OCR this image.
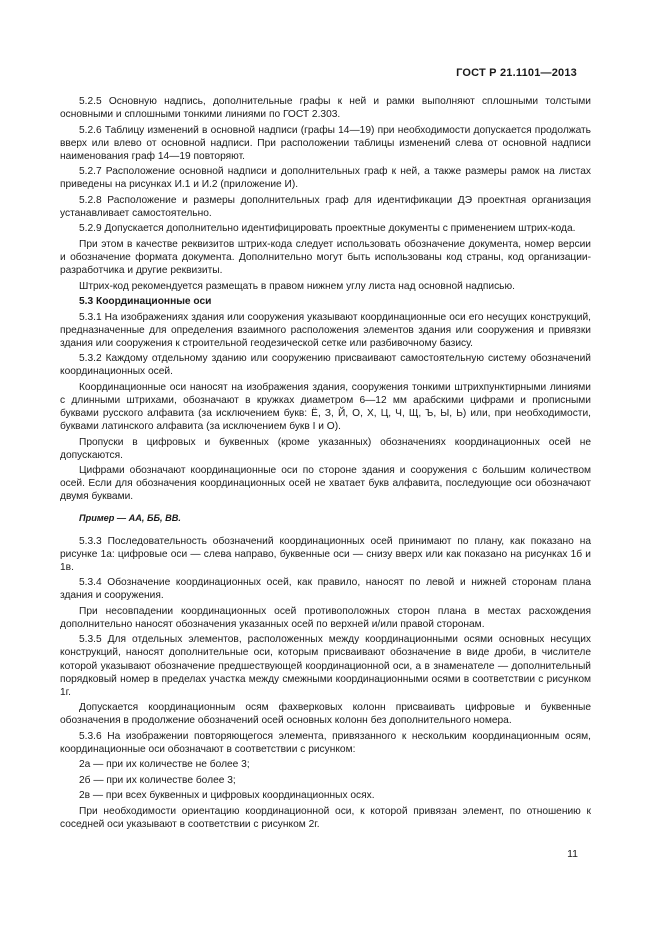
ГОСТ Р 21.1101—2013

5.2.5 Основную надпись, дополнительные графы к ней и рамки выполняют сплошными толстыми основными и сплошными тонкими линиями по ГОСТ 2.303.

5.2.6 Таблицу изменений в основной надписи (графы 14—19) при необходимости допускается продолжать вверх или влево от основной надписи. При расположении таблицы изменений слева от основной надписи наименования граф 14—19 повторяют.

5.2.7 Расположение основной надписи и дополнительных граф к ней, а также размеры рамок на листах приведены на рисунках И.1 и И.2 (приложение И).

5.2.8 Расположение и размеры дополнительных граф для идентификации ДЭ проектная организация устанавливает самостоятельно.

5.2.9 Допускается дополнительно идентифицировать проектные документы с применением штрих-кода.

При этом в качестве реквизитов штрих-кода следует использовать обозначение документа, номер версии и обозначение формата документа. Дополнительно могут быть использованы код страны, код организации-разработчика и другие реквизиты.

Штрих-код рекомендуется размещать в правом нижнем углу листа над основной надписью.

5.3 Координационные оси

5.3.1 На изображениях здания или сооружения указывают координационные оси его несущих конструкций, предназначенные для определения взаимного расположения элементов здания или сооружения и привязки здания или сооружения к строительной геодезической сетке или разбивочному базису.

5.3.2 Каждому отдельному зданию или сооружению присваивают самостоятельную систему обозначений координационных осей.

Координационные оси наносят на изображения здания, сооружения тонкими штрихпунктирными линиями с длинными штрихами, обозначают в кружках диаметром 6—12 мм арабскими цифрами и прописными буквами русского алфавита (за исключением букв: Ё, З, Й, О, Х, Ц, Ч, Щ, Ъ, Ы, Ь) или, при необходимости, буквами латинского алфавита (за исключением букв I и O).

Пропуски в цифровых и буквенных (кроме указанных) обозначениях координационных осей не допускаются.

Цифрами обозначают координационные оси по стороне здания и сооружения с большим количеством осей. Если для обозначения координационных осей не хватает букв алфавита, последующие оси обозначают двумя буквами.

Пример — АА, ББ, ВВ.

5.3.3 Последовательность обозначений координационных осей принимают по плану, как показано на рисунке 1а: цифровые оси — слева направо, буквенные оси — снизу вверх или как показано на рисунках 1б и 1в.

5.3.4 Обозначение координационных осей, как правило, наносят по левой и нижней сторонам плана здания и сооружения.

При несовпадении координационных осей противоположных сторон плана в местах расхождения дополнительно наносят обозначения указанных осей по верхней и/или правой сторонам.

5.3.5 Для отдельных элементов, расположенных между координационными осями основных несущих конструкций, наносят дополнительные оси, которым присваивают обозначение в виде дроби, в числителе которой указывают обозначение предшествующей координационной оси, а в знаменателе — дополнительный порядковый номер в пределах участка между смежными координационными осями в соответствии с рисунком 1г.

Допускается координационным осям фахверковых колонн присваивать цифровые и буквенные обозначения в продолжение обозначений осей основных колонн без дополнительного номера.

5.3.6 На изображении повторяющегося элемента, привязанного к нескольким координационным осям, координационные оси обозначают в соответствии с рисунком:

2а — при их количестве не более 3;

2б — при их количестве более 3;

2в — при всех буквенных и цифровых координационных осях.

При необходимости ориентацию координационной оси, к которой привязан элемент, по отношению к соседней оси указывают в соответствии с рисунком 2г.

11
